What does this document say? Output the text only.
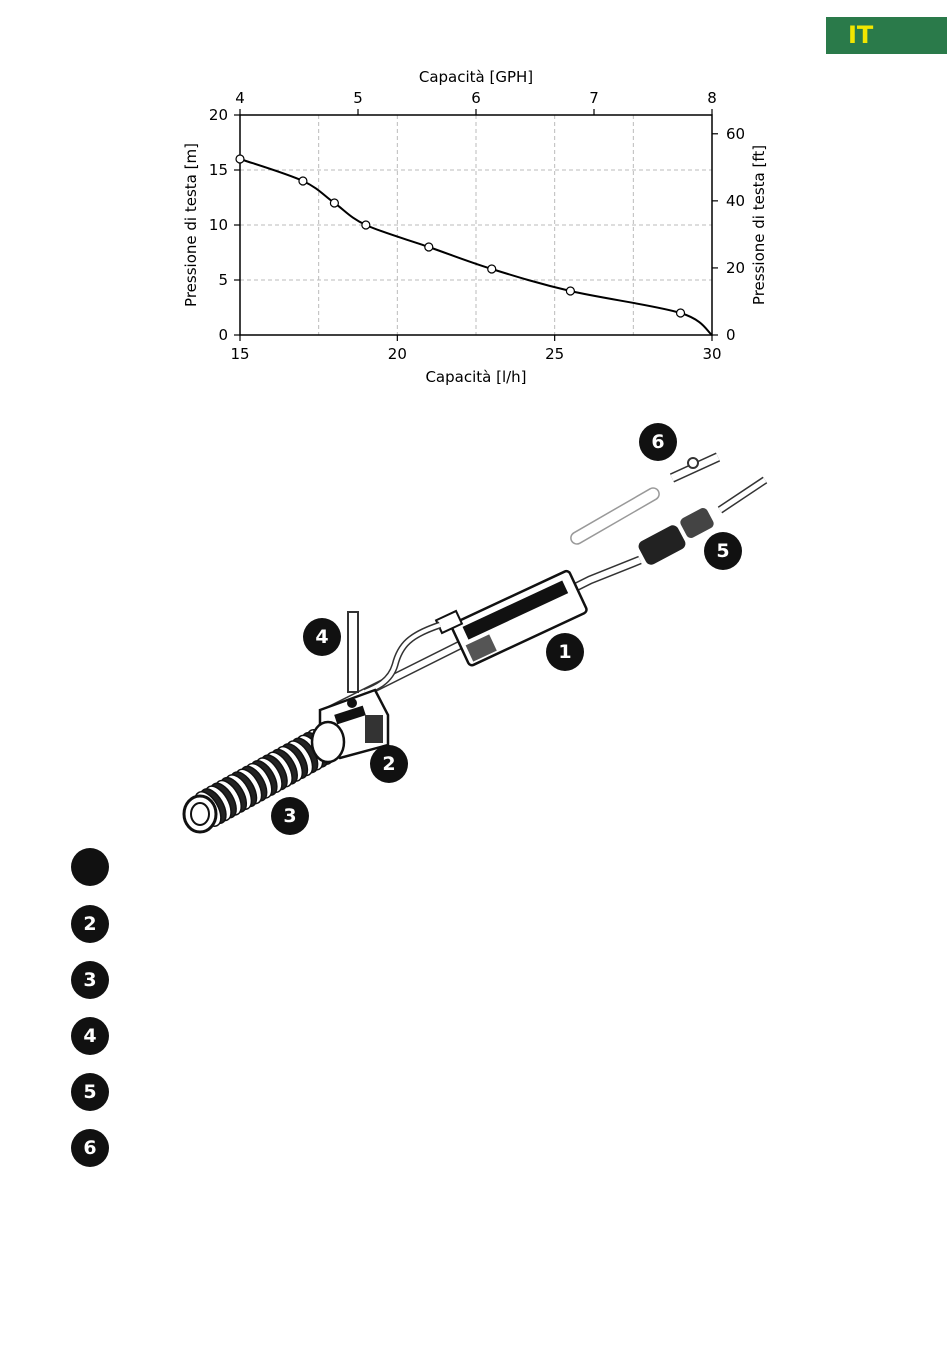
IT
15	20	25	30
0
5
10
15
20
4	5	6	7	8
0
20
40
60
Capacità [l/h]
Capacità [GPH]
Pressione di testa [m]	Pressione di testa [ft]
1
2
3
4
5
6
2
3
4
5
6
